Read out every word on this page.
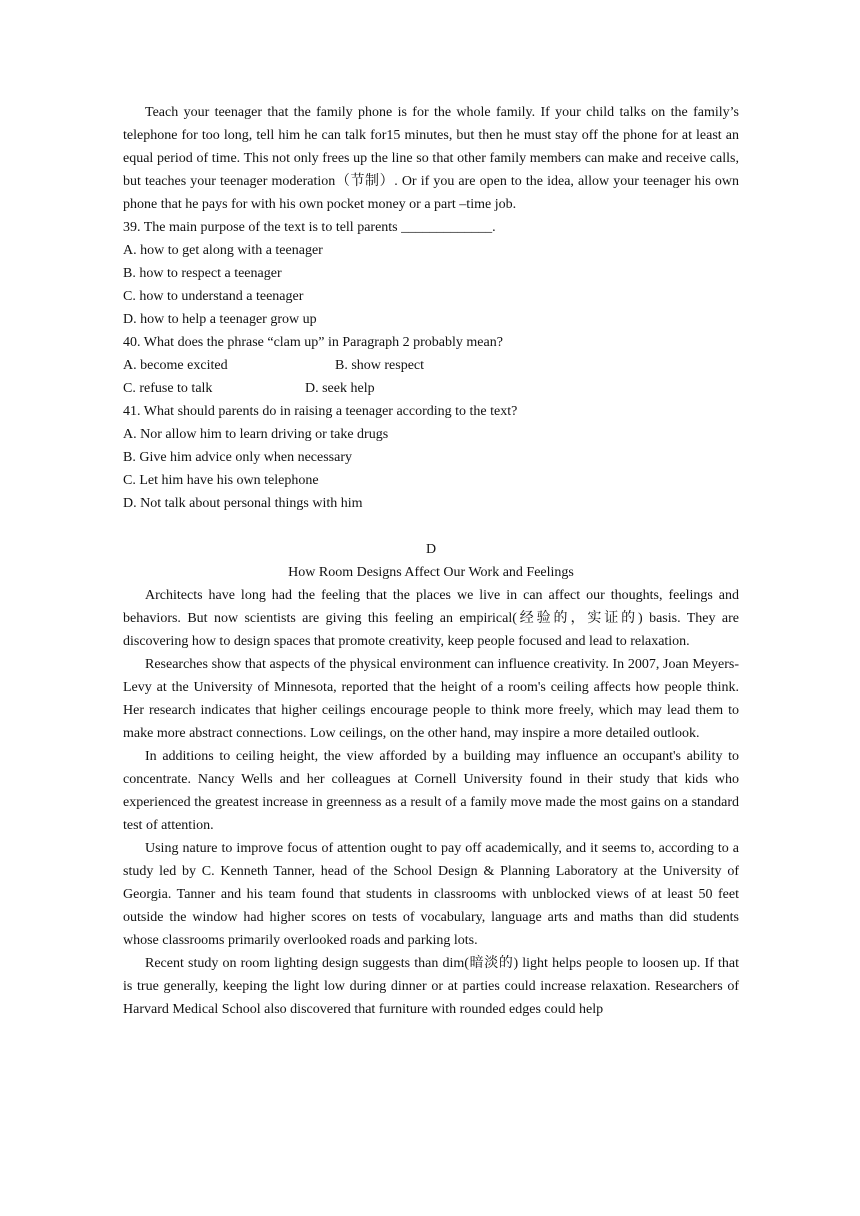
Teach your teenager that the family phone is for the whole family. If your child talks on the family’s telephone for too long, tell him he can talk for15 minutes, but then he must stay off the phone for at least an equal period of time. This not only frees up the line so that other family members can make and receive calls, but teaches your teenager moderation（节制）. Or if you are open to the idea, allow your teenager his own phone that he pays for with his own pocket money or a part –time job.

39. The main purpose of the text is to tell parents _____________.

A. how to get along with a teenager

B. how to respect a teenager

C. how to understand a teenager

D. how to help a teenager grow up

40. What does the phrase “clam up” in Paragraph 2 probably mean?

A. become excited	B. show respect
C. refuse to talk	D. seek help

41. What should parents do in raising a teenager according to the text?

A. Nor allow him to learn driving or take drugs

B. Give him advice only when necessary

C. Let him have his own telephone

D. Not talk about personal things with him

D

How Room Designs Affect Our Work and Feelings

Architects have long had the feeling that the places we live in can affect our thoughts, feelings and behaviors. But now scientists are giving this feeling an empirical(经验的，实证的) basis. They are discovering how to design spaces that promote creativity, keep people focused and lead to relaxation.

Researches show that aspects of the physical environment can influence creativity. In 2007, Joan Meyers-Levy at the University of Minnesota, reported that the height of a room's ceiling affects how people think. Her research indicates that higher ceilings encourage people to think more freely, which may lead them to make more abstract connections. Low ceilings, on the other hand, may inspire a more detailed outlook.

In additions to ceiling height, the view afforded by a building may influence an occupant's ability to concentrate. Nancy Wells and her colleagues at Cornell University found in their study that kids who experienced the greatest increase in greenness as a result of a family move made the most gains on a standard test of attention.

Using nature to improve focus of attention ought to pay off academically, and it seems to, according to a study led by C. Kenneth Tanner, head of the School Design & Planning Laboratory at the University of Georgia. Tanner and his team found that students in classrooms with unblocked views of at least 50 feet outside the window had higher scores on tests of vocabulary, language arts and maths than did students whose classrooms primarily overlooked roads and parking lots.

Recent study on room lighting design suggests than dim(暗淡的) light helps people to loosen up. If that is true generally, keeping the light low during dinner or at parties could increase relaxation. Researchers of Harvard Medical School also discovered that furniture with rounded edges could help
